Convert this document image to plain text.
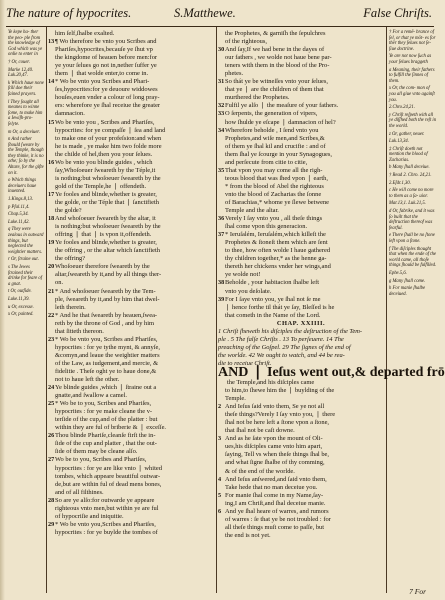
The nature of hypocrites.	S.Matthewe.	False Chriſts.

Ye kepe ha- ther the peo- ple from the knowledge of God which was ye onlie to enter in

† Or, couer.

Marke 12,40. Luk.20,47.

k Which haue none ſtill doe their fained prayers.

l They ſought all meanes to winne ſome, to make him a Iewiſh-pro- ſelyte.

m Or, a deceiuer.

n And rather ſhould ſweare by the Temple, though they thinke, it is no othe; ſo by the Altare, for the gifte on it.

o Which things deceiuers haue inuented.

1.Kings.8,13.

p Pſal.11,4.

Chap.5,34.

Luke.11,42.

q They were zealous in outward things, but neglected the weightier matters.

r Or, ſtraine out.

s The Iewes ſtrained their drinke for feare of a gnat.

t Or, outſide.

Luke.11,39.

u Or, excesse.

x Or, painted.

him ſelf,ſhalbe exalted.

13¶ Wo therefore be vnto you Scribes and

Phariſes,hypocrites,becauſe ye ſhut vp

the kingdome of heauen before men:for

ye your ſelues go not in,nether ſuffer ye

them ❘ that wolde enter,to come in.

14* Wo be vnto you Scribes and Phari-

ſes,hypocrites:for ye deuoure widdowes

houſes,euen vnder a colour of long pray-

ers: wherefore ye ſhal receiue the greater

damnacion.

15Wo be vnto you , Scribes and Phariſes,

hypocrites: for ye compaſſe ❘ ſea and land

to make one of your profeſsion:and when

he is made , ye make him two folde more

the childe of hel,then you your ſelues.

16Wo be vnto you blinde guides , which

ſay,Whoſoeuer ſweareth by the Téple,it

is nothing:but whoſoeuer ſweareth by the

gold of the Temple,he ❘ offendeth.

17Ye fooles and blinde,whether is greater,

the golde, or the Téple that ❘ ſanctifieth

the golde?

18And whoſoeuer ſweareth by the altar, it

is nothing:but whoſoeuer ſweareth by the

offring ❘ that ❘ is vpon it,offendeth.

19Ye fooles and blinde,whether is greater,

the offring , or the altar which ſanctifieth

the offring?

20Whoſoeuer therefore ſweareth by the

altar,ſweareth by it,and by all things ther-

on.

21* And whoſoeuer ſweareth by the Tem-

ple, ſweareth by it,and by him that dwel-

leth therein.

22* And he that ſweareth by heauen,ſwea-

reth by the throne of God , and by him

that ſitteth thereon.

23* Wo be vnto you, Scribes and Phariſes,

hypocrites : for ye tythe mynt, & annyſe,

&comyn,and leaue the weightier matters

of the Law, as iudgement,and mercie, &

fidelitie . Theſe oght ye to haue done,&

not to haue left the other.

24Ye blinde guides ,which ❘ ſtraine out a

gnatte,and ſwallow a camel.

25* Wo be to you, Scribes and Phariſes,

hypocrites : for ye make cleane the v-

terſide of the cup,and of the platter : but

within they are ful of briberie & ❘ exceſſe.

26Thou blinde Phariſe,cleanſe firſt the in-

ſide of the cup and platter , that the out-

ſide of them may be cleane alſo.

27Wo be to you, Scribes and Phariſes,

hypocrites : for ye are like vnto ❘ whited

tombes, which appeare beautiful outwar-

de,but are within ful of dead mens bones,

and of all filthines.

28So are ye alſo:for outwarde ye appeare

righteous vnto men,but within ye are ful

of hypocriſie and iniquitie.

29* Wo be vnto you,Scribes and Phariſes,

hypocrites : for ye buylde the tombes of

the Prophetes, & garniſh the ſepulchres

of the righteous,

30And ſay,If we had bene in the dayes of

our fathers , we wolde not haue bene par-

teners with them in the blood of the Pro-

phetes.

31So thát ye be witneſſes vnto your ſelues,

that ye ❘ are the children of them that

murthered the Prophetes.

32Fulfil ye alſo ❘ the meaſure of your fathers.

33O ſerpents, the generation of vipers,

how ſhulde ye eſcape ❘ damnacion of hel?

34Wherefore beholde , I ſend vnto you

Prophetes,and wiſe men,and Scribes,&

of them ye ſhal kil and crucifie : and of

them ſhal ye ſcourge in your Synagogues,

and perſecute from citie to citie,

35That vpon you may come all the righ-

teous blood that was ſhed vpon ❘ earth,

* from the blood of Abel the righteous

vnto the blood of Zacharias the ſonne

of Barachias,* whome ye ſlewe betwene

Temple and the altar.

36Verely I ſay vnto you , all theſe things

ſhal come vpon this generacion.

37* Ieruſalém, Ieruſalém,which killeſt the

Prophetes & ſtoneſt them which are ſent

to thee, how often wolde I haue gathered

thy children together,* as the henne ga-

thereth her chickens vnder her wings,and

ye wolde not!

38Beholde , your habitacion ſhalbe left

vnto you deſolate.

39For I ſaye vnto you, ye ſhal not ſe me

❘ hence forthe til thát ye ſay, Bleſſed is he

that cometh in the Name of the Lord.

CHAP. XXIIII.

1 Chriſt ſheweth his diſciples the deſtruction of the Tem-

ple . 5 The falſe Chriſts . 13 To perſeuere. 14 The

preaching of the Goſpel. 29 The ſignes of the end of

the worlde. 42 We ought to watch, and 44 be rea-

die to receiue Chriſt.

AND ❘ Ieſus went out,& departed frō

the Temple,and his diſciples came

to him,to ſhewe him the ❘ buylding of the

Temple.

2 And Ieſus ſaid vnto them, Se ye not all

theſe things?Verely I ſay vnto you, ❘ there

ſhal not be here left a ſtone vpon a ſtone,

that ſhal not be caſt downe.

3 And as he ſate vpon the mount of Oli-

ues,his diſciples came vnto him apart,

ſaying, Tell vs when theſe things ſhal be,

and what ſigne ſhalbe of thy comming,

& of the end of the worlde.

4 And Ieſus anſwered,and ſaid vnto them,

Take hede that no man deceiue you.

5 For manie ſhal come in my Name,ſay-

ing,I am Chriſt,and ſhal deceiue manie.

6 And ye ſhal heare of warres, and rumors

of warres : ſe that ye be not troubled : for

all theſe things muſt come to paſſe, but

the end is not yet.

† For a remē- brance of ſel, or that ye mōt- es for thēr they ſelues not ſe- ſiue doctrine.

Ye are not now ſuch as your ſelues braggeth

a Meaning, their fathers to fulfill the ſinnes of them.

x Or, the com- mon of you all giue vnto againſt you.

2.Chro.24,21.

y Chriſt reſpeth with all ye diſſhed both the reſt in the world.

z Or, gather, neuer.

Luk.13,34.

‡ Chriſt doeth not mention the blood of Zacharias.

b Many ſhall deceiue.

† Read 2. Chro. 24,21.

2.Eſdr.1,30.

c He will come no more to them as a ſa- uior.

Mar.13,1. Luk.21,5.

d Or, fabrike, and it was ſo built that the deſtruction thereof was fearful.

e There ſhall be no ſtone left vpon a ſtone.

f The diſciples thought that when the ende of the world came, all thoſe things ſhould be fulfilled.

Ephe.5,6.

g Many ſhall come.

h For manie ſhalbe deceiued.

7 For
